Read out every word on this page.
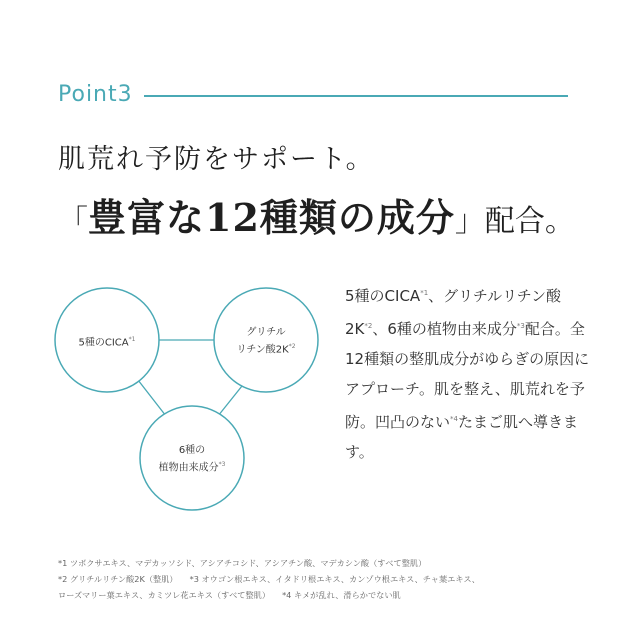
Point3
肌荒れ予防をサポート。
「豊富な12種類の成分」配合。
5種のCICA$^{*1}$
グリチル
リチン酸$2K^{*2}$
6種の
植物由来成分$^{*3}$
5種のCICA$^{*1}$、グリチルリチン酸$2K^{*2}$、6種の植物由来成分$^{*3}$配合。全12種類の整肌成分がゆらぎの原因にアプローチ。肌を整え、肌荒れを予防。凹凸のない$^{*4}$たまご肌へ導きます。
*1 ツボクサエキス、マデカッソシド、アシアチコシド、アシアチン酸、マデカシン酸（すべて整肌）
*2 グリチルリチン酸2K（整肌） *3 オウゴン根エキス、イタドリ根エキス、カンゾウ根エキス、チャ葉エキス、
ローズマリー葉エキス、カミツレ花エキス（すべて整肌） *4 キメが乱れ、滑らかでない肌
